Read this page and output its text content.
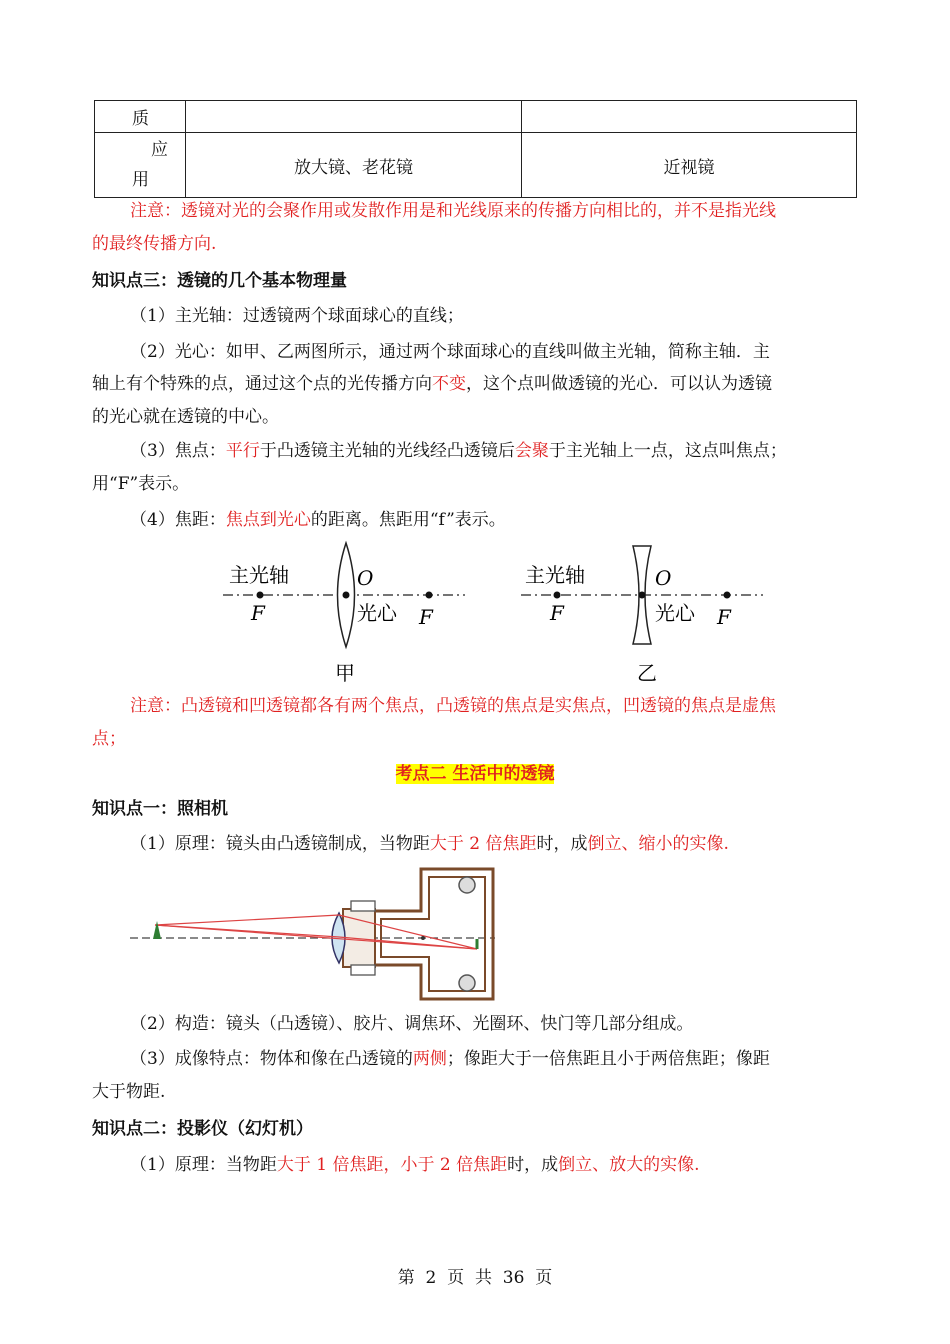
质		

应
用	放大镜、老花镜	近视镜
注意：透镜对光的会聚作用或发散作用是和光线原来的传播方向相比的，并不是指光线
的最终传播方向.
知识点三：透镜的几个基本物理量
（1）主光轴：过透镜两个球面球心的直线；
（2）光心：如甲、乙两图所示，通过两个球面球心的直线叫做主光轴，简称主轴．主
轴上有个特殊的点，通过这个点的光传播方向不变，这个点叫做透镜的光心．可以认为透镜
的光心就在透镜的中心。
（3）焦点：平行于凸透镜主光轴的光线经凸透镜后会聚于主光轴上一点，这点叫焦点；
用“F”表示。
（4）焦距：焦点到光心的距离。焦距用“f”表示。
主光轴	O
F	光心 F
甲
主光轴	O
F	光心 F
乙
注意：凸透镜和凹透镜都各有两个焦点，凸透镜的焦点是实焦点，凹透镜的焦点是虚焦
点；
考点二 生活中的透镜
知识点一：照相机
（1）原理：镜头由凸透镜制成，当物距大于 2 倍焦距时，成倒立、缩小的实像.
（2）构造：镜头（凸透镜）、胶片、调焦环、光圈环、快门等几部分组成。
（3）成像特点：物体和像在凸透镜的两侧；像距大于一倍焦距且小于两倍焦距；像距
大于物距.
知识点二：投影仪（幻灯机）
（1）原理：当物距大于 1 倍焦距，小于 2 倍焦距时，成倒立、放大的实像.
第  2  页  共  36  页
